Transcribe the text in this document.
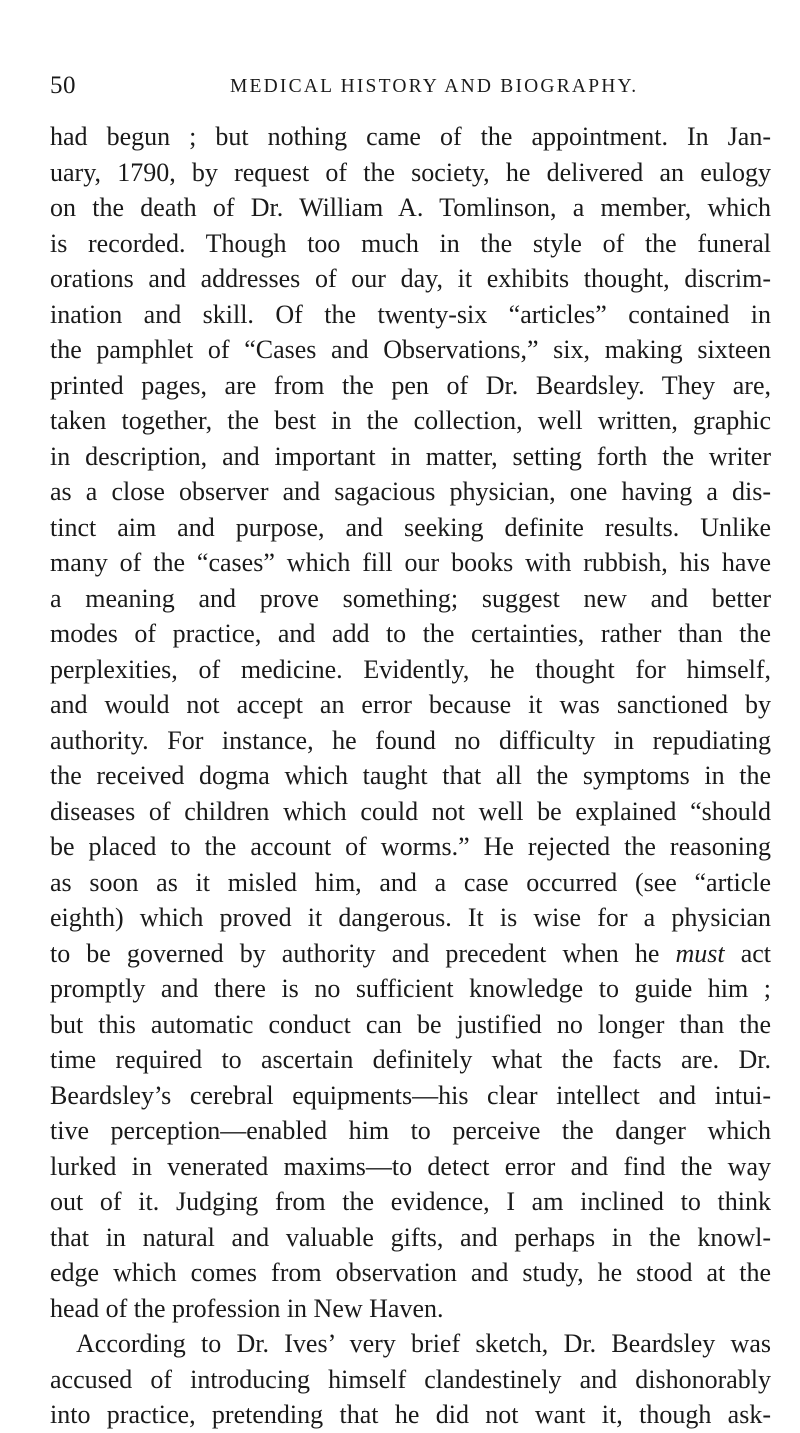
50	MEDICAL HISTORY AND BIOGRAPHY.
had begun ; but nothing came of the appointment. In Jan-
uary, 1790, by request of the society, he delivered an eulogy
on the death of Dr. William A. Tomlinson, a member, which
is recorded. Though too much in the style of the funeral
orations and addresses of our day, it exhibits thought, discrim-
ination and skill. Of the twenty-six “articles” contained in
the pamphlet of “Cases and Observations,” six, making sixteen
printed pages, are from the pen of Dr. Beardsley. They are,
taken together, the best in the collection, well written, graphic
in description, and important in matter, setting forth the writer
as a close observer and sagacious physician, one having a dis-
tinct aim and purpose, and seeking definite results. Unlike
many of the “cases” which fill our books with rubbish, his have
a meaning and prove something; suggest new and better
modes of practice, and add to the certainties, rather than the
perplexities, of medicine. Evidently, he thought for himself,
and would not accept an error because it was sanctioned by
authority. For instance, he found no difficulty in repudiating
the received dogma which taught that all the symptoms in the
diseases of children which could not well be explained “should
be placed to the account of worms.” He rejected the reasoning
as soon as it misled him, and a case occurred (see “article
eighth) which proved it dangerous. It is wise for a physician
to be governed by authority and precedent when he must act
promptly and there is no sufficient knowledge to guide him ;
but this automatic conduct can be justified no longer than the
time required to ascertain definitely what the facts are. Dr.
Beardsley’s cerebral equipments—his clear intellect and intui-
tive perception—enabled him to perceive the danger which
lurked in venerated maxims—to detect error and find the way
out of it. Judging from the evidence, I am inclined to think
that in natural and valuable gifts, and perhaps in the knowl-
edge which comes from observation and study, he stood at the
head of the profession in New Haven.
According to Dr. Ives’ very brief sketch, Dr. Beardsley was
accused of introducing himself clandestinely and dishonorably
into practice, pretending that he did not want it, though ask-
